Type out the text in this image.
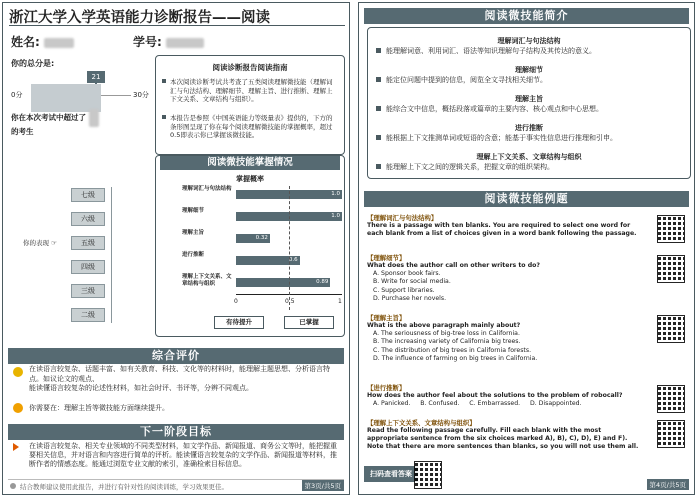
浙江大学入学英语能力诊断报告——阅读
姓名:	学号:
你的总分是:
21
0分	30分
你在本次考试中超过了
的考生
七级
六级
五级
四级
三级
二级
你的表现 ☞
阅读诊断报告阅读指南
本次阅读诊断考试共考查了五类阅读理解微技能（理解词汇与句法结构、理解细节、理解主旨、进行推断、理解上下文关系、文章结构与组织）。
本报告是参照《中国英语能力等级量表》提供的，下方的条形图呈现了你在每个阅读理解微技能的掌握概率，超过0.5即表示你已掌握该微技能。
阅读微技能掌握情况
掌握概率
理解词汇与句法结构
1.0
理解细节
1.0
理解主旨
0.32
进行推断
0.6
理解上下文关系、文章结构与组织	0.89
0	0.5	1
有待提升	已掌握
综合评价
在读语言较复杂、话题丰富、如有关教育、科技、文化等的材料时，能理解主题思想、分析语言特点。如议论文的观点、
能读懂语言较复杂的论述性材料，如社会时评、书评等，分辨不同观点。
你需要在：理解主旨等微技能方面继续提升。
下一阶段目标
在读语言较复杂、相关专业领域的不同类型材料，如文学作品、新闻报道、商务公文等时，能把握重要相关信息，并对语言和内容进行简单的评析。能读懂语言较复杂的文学作品、新闻报道等材料，推断作者的情感态度。能通过浏览专业文献的索引，准确检索目标信息。
结合教师建议使用此报告，并进行有针对性的阅读训练，学习效果更佳。	第3页/共5页
阅读微技能简介
理解词汇与句法结构
能理解词意、利用词汇、语法等知识理解句子结构及其传达的意义。
理解细节
能定位问题中提到的信息，阅览全文寻找相关细节。
理解主旨
能综合文中信息，概括段落或篇章的主要内容、核心观点和中心思想。
进行推断
能根据上下文推测单词或短语的含意；能基于事实性信息进行推理和引申。
理解上下文关系、文章结构与组织
能理解上下文之间的逻辑关系，把握文章的组织架构。
阅读微技能例题
【理解词汇与句法结构】
There is a passage with ten blanks. You are required to select one word for each blank from a list of choices given in a word bank following the passage.
【理解细节】
What does the author call on other writers to do?
A. Sponsor book fairs.
B. Write for social media.
C. Support libraries.
D. Purchase her novels.
【理解主旨】
What is the above paragraph mainly about?
A. The seriousness of big-tree loss in California.
B. The increasing variety of California big trees.
C. The distribution of big trees in California forests.
D. The influence of farming on big trees in California.
【进行推断】
How does the author feel about the solutions to the problem of robocall?
A. Panicked.     B. Confused.     C. Embarrassed.     D. Disappointed.
【理解上下文关系、文章结构与组织】
Read the following passage carefully. Fill each blank with the most appropriate sentence from the six choices marked A), B), C), D), E) and F). Note that there are more sentences than blanks, so you will not use them all.
扫码查看答案
第4页/共5页
